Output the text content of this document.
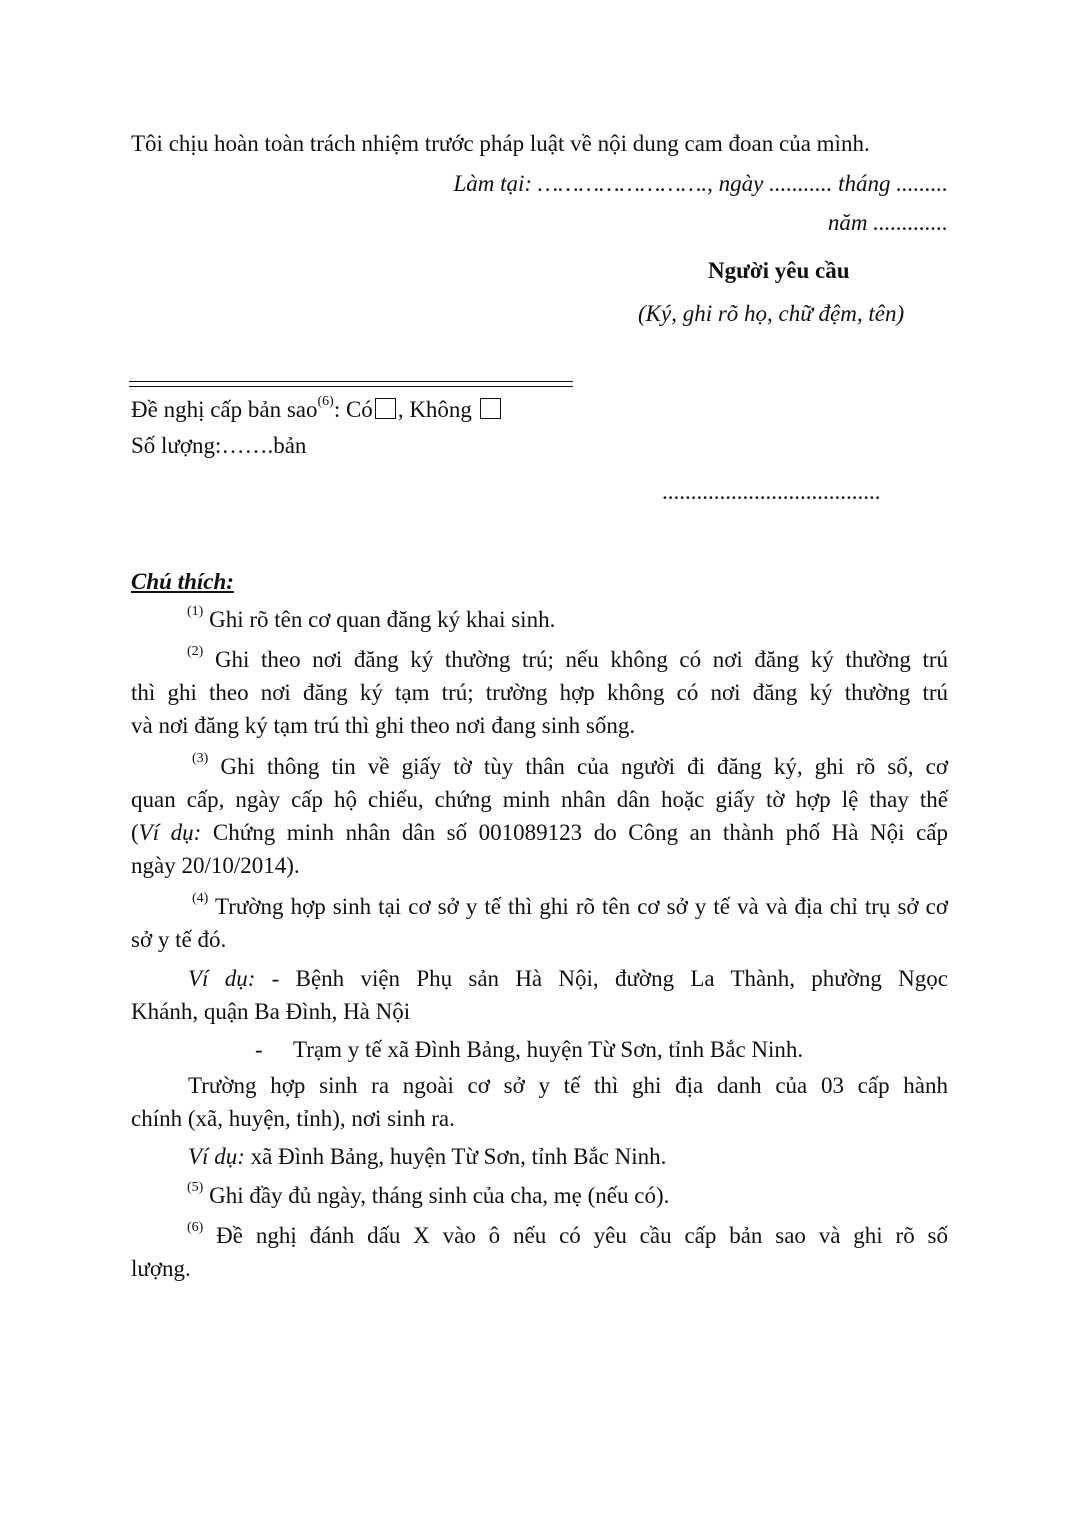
Tôi chịu hoàn toàn trách nhiệm trước pháp luật về nội dung cam đoan của mình.
Làm tại: ……………………., ngày ........... tháng .........
năm .............
Người yêu cầu
(Ký, ghi rõ họ, chữ đệm, tên)
Đề nghị cấp bản sao$^{(6)}$: Có , Không
Số lượng:…….bản
......................................
Chú thích:
$^{(1)}$ Ghi rõ tên cơ quan đăng ký khai sinh.
$^{(2)}$ Ghi theo nơi đăng ký thường trú; nếu không có nơi đăng ký thường trú
thì ghi theo nơi đăng ký tạm trú; trường hợp không có nơi đăng ký thường trú
và nơi đăng ký tạm trú thì ghi theo nơi đang sinh sống.
$^{(3)}$ Ghi thông tin về giấy tờ tùy thân của người đi đăng ký, ghi rõ số, cơ
quan cấp, ngày cấp hộ chiếu, chứng minh nhân dân hoặc giấy tờ hợp lệ thay thế
(Ví dụ: Chứng minh nhân dân số 001089123 do Công an thành phố Hà Nội cấp
ngày 20/10/2014).
$^{(4)}$ Trường hợp sinh tại cơ sở y tế thì ghi rõ tên cơ sở y tế và và địa chỉ trụ sở cơ
sở y tế đó.
Ví dụ: - Bệnh viện Phụ sản Hà Nội, đường La Thành, phường Ngọc
Khánh, quận Ba Đình, Hà Nội
- Trạm y tế xã Đình Bảng, huyện Từ Sơn, tỉnh Bắc Ninh.
Trường hợp sinh ra ngoài cơ sở y tế thì ghi địa danh của 03 cấp hành
chính (xã, huyện, tỉnh), nơi sinh ra.
Ví dụ: xã Đình Bảng, huyện Từ Sơn, tỉnh Bắc Ninh.
$^{(5)}$ Ghi đầy đủ ngày, tháng sinh của cha, mẹ (nếu có).
$^{(6)}$ Đề nghị đánh dấu X vào ô nếu có yêu cầu cấp bản sao và ghi rõ số
lượng.
